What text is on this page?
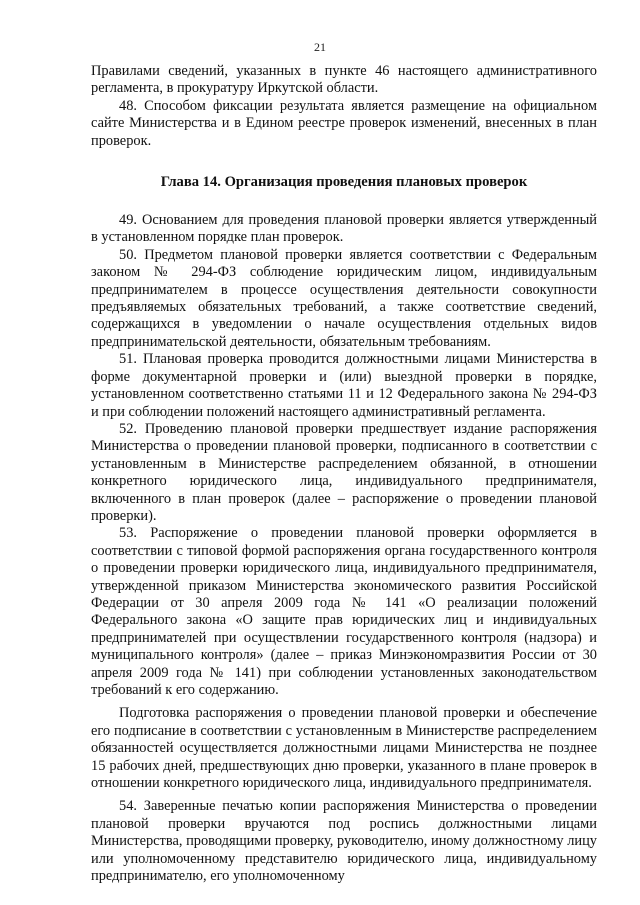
21

Правилами сведений, указанных в пункте 46 настоящего административного регламента, в прокуратуру Иркутской области.

48. Способом фиксации результата является размещение на официальном сайте Министерства и в Едином реестре проверок изменений, внесенных в план проверок.

Глава 14. Организация проведения плановых проверок

49. Основанием для проведения плановой проверки является утвержденный в установленном порядке план проверок.

50. Предметом плановой проверки является соответствии с Федеральным законом № 294-ФЗ соблюдение юридическим лицом, индивидуальным предпринимателем в процессе осуществления деятельности совокупности предъявляемых обязательных требований, а также соответствие сведений, содержащихся в уведомлении о начале осуществления отдельных видов предпринимательской деятельности, обязательным требованиям.

51. Плановая проверка проводится должностными лицами Министерства в форме документарной проверки и (или) выездной проверки в порядке, установленном соответственно статьями 11 и 12 Федерального закона № 294-ФЗ и при соблюдении положений настоящего административный регламента.

52. Проведению плановой проверки предшествует издание распоряжения Министерства о проведении плановой проверки, подписанного в соответствии с установленным в Министерстве распределением обязанной, в отношении конкретного юридического лица, индивидуального предпринимателя, включенного в план проверок (далее – распоряжение о проведении плановой проверки).

53. Распоряжение о проведении плановой проверки оформляется в соответствии с типовой формой распоряжения органа государственного контроля о проведении проверки юридического лица, индивидуального предпринимателя, утвержденной приказом Министерства экономического развития Российской Федерации от 30 апреля 2009 года № 141 «О реализации положений Федерального закона «О защите прав юридических лиц и индивидуальных предпринимателей при осуществлении государственного контроля (надзора) и муниципального контроля» (далее – приказ Минэкономразвития России от 30 апреля 2009 года № 141) при соблюдении установленных законодательством требований к его содержанию.

Подготовка распоряжения о проведении плановой проверки и обеспечение его подписание в соответствии с установленным в Министерстве распределением обязанностей осуществляется должностными лицами Министерства не позднее 15 рабочих дней, предшествующих дню проверки, указанного в плане проверок в отношении конкретного юридического лица, индивидуального предпринимателя.

54. Заверенные печатью копии распоряжения Министерства о проведении плановой проверки вручаются под роспись должностными лицами Министерства, проводящими проверку, руководителю, иному должностному лицу или уполномоченному представителю юридического лица, индивидуальному предпринимателю, его уполномоченному
